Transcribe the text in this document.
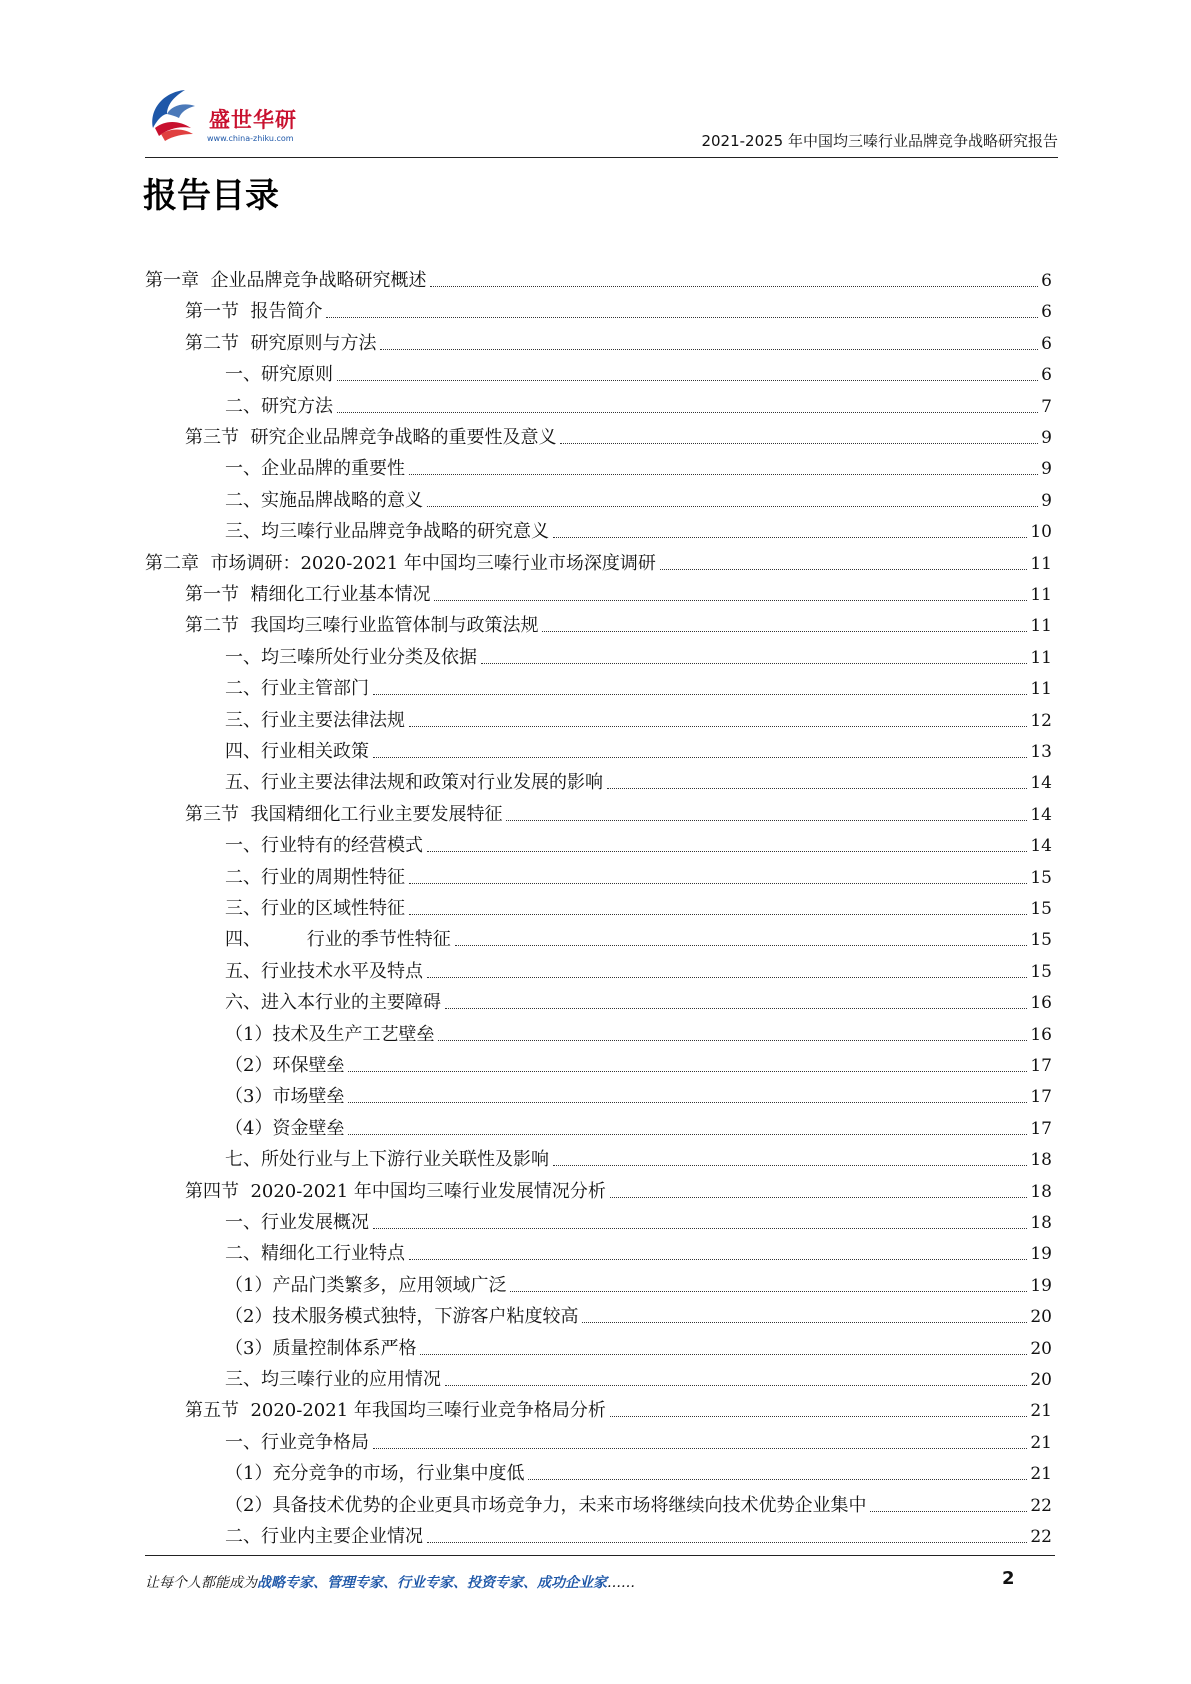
盛世华研
www.china-zhiku.com	2021-2025 年中国均三嗪行业品牌竞争战略研究报告
报告目录
第一章  企业品牌竞争战略研究概述	6
第一节  报告简介	6
第二节  研究原则与方法	6
一、研究原则	6
二、研究方法	7
第三节  研究企业品牌竞争战略的重要性及意义	9
一、企业品牌的重要性	9
二、实施品牌战略的意义	9
三、均三嗪行业品牌竞争战略的研究意义	10
第二章  市场调研：2020-2021 年中国均三嗪行业市场深度调研	11
第一节  精细化工行业基本情况	11
第二节  我国均三嗪行业监管体制与政策法规	11
一、均三嗪所处行业分类及依据	11
二、行业主管部门	11
三、行业主要法律法规	12
四、行业相关政策	13
五、行业主要法律法规和政策对行业发展的影响	14
第三节  我国精细化工行业主要发展特征	14
一、行业特有的经营模式	14
二、行业的周期性特征	15
三、行业的区域性特征	15
四、        行业的季节性特征	15
五、行业技术水平及特点	15
六、进入本行业的主要障碍	16
（1）技术及生产工艺壁垒	16
（2）环保壁垒	17
（3）市场壁垒	17
（4）资金壁垒	17
七、所处行业与上下游行业关联性及影响	18
第四节  2020-2021 年中国均三嗪行业发展情况分析	18
一、行业发展概况	18
二、精细化工行业特点	19
（1）产品门类繁多，应用领域广泛	19
（2）技术服务模式独特，下游客户粘度较高	20
（3）质量控制体系严格	20
三、均三嗪行业的应用情况	20
第五节  2020-2021 年我国均三嗪行业竞争格局分析	21
一、行业竞争格局	21
（1）充分竞争的市场，行业集中度低	21
（2）具备技术优势的企业更具市场竞争力，未来市场将继续向技术优势企业集中	22
二、行业内主要企业情况	22
让每个人都能成为战略专家、管理专家、行业专家、投资专家、成功企业家……	2
